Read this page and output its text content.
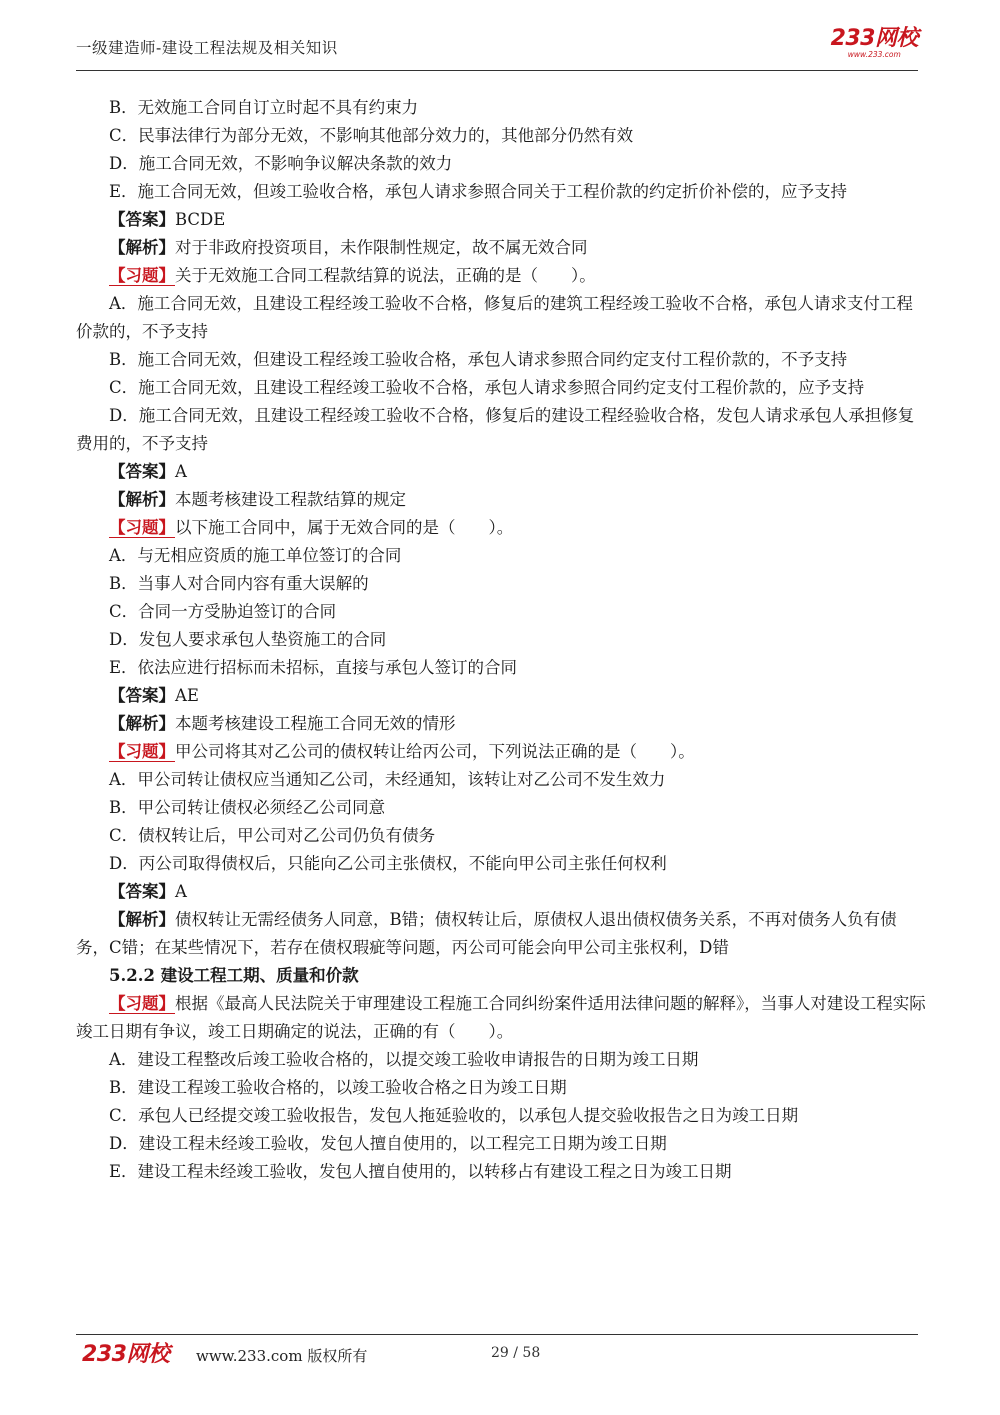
一级建造师-建设工程法规及相关知识	233网校
www.233.com

B．无效施工合同自订立时起不具有约束力

C．民事法律行为部分无效，不影响其他部分效力的，其他部分仍然有效

D．施工合同无效，不影响争议解决条款的效力

E．施工合同无效，但竣工验收合格，承包人请求参照合同关于工程价款的约定折价补偿的，应予支持

【答案】BCDE

【解析】对于非政府投资项目，未作限制性规定，故不属无效合同

【习题】关于无效施工合同工程款结算的说法，正确的是（　　）。

A．施工合同无效，且建设工程经竣工验收不合格，修复后的建筑工程经竣工验收不合格，承包人请求支付工程价款的，不予支持

B．施工合同无效，但建设工程经竣工验收合格，承包人请求参照合同约定支付工程价款的，不予支持

C．施工合同无效，且建设工程经竣工验收不合格，承包人请求参照合同约定支付工程价款的，应予支持

D．施工合同无效，且建设工程经竣工验收不合格，修复后的建设工程经验收合格，发包人请求承包人承担修复费用的，不予支持

【答案】A

【解析】本题考核建设工程款结算的规定

【习题】以下施工合同中，属于无效合同的是（　　）。

A．与无相应资质的施工单位签订的合同

B．当事人对合同内容有重大误解的

C．合同一方受胁迫签订的合同

D．发包人要求承包人垫资施工的合同

E．依法应进行招标而未招标，直接与承包人签订的合同

【答案】AE

【解析】本题考核建设工程施工合同无效的情形

【习题】甲公司将其对乙公司的债权转让给丙公司，下列说法正确的是（　　）。

A．甲公司转让债权应当通知乙公司，未经通知，该转让对乙公司不发生效力

B．甲公司转让债权必须经乙公司同意

C．债权转让后，甲公司对乙公司仍负有债务

D．丙公司取得债权后，只能向乙公司主张债权，不能向甲公司主张任何权利

【答案】A

【解析】债权转让无需经债务人同意，B错；债权转让后，原债权人退出债权债务关系，不再对债务人负有债务，C错；在某些情况下，若存在债权瑕疵等问题，丙公司可能会向甲公司主张权利，D错

5.2.2 建设工程工期、质量和价款

【习题】根据《最高人民法院关于审理建设工程施工合同纠纷案件适用法律问题的解释》，当事人对建设工程实际竣工日期有争议，竣工日期确定的说法，正确的有（　　）。

A．建设工程整改后竣工验收合格的，以提交竣工验收申请报告的日期为竣工日期

B．建设工程竣工验收合格的，以竣工验收合格之日为竣工日期

C．承包人已经提交竣工验收报告，发包人拖延验收的，以承包人提交验收报告之日为竣工日期

D．建设工程未经竣工验收，发包人擅自使用的，以工程完工日期为竣工日期

E．建设工程未经竣工验收，发包人擅自使用的，以转移占有建设工程之日为竣工日期

233网校 www.233.com 版权所有	29 / 58
